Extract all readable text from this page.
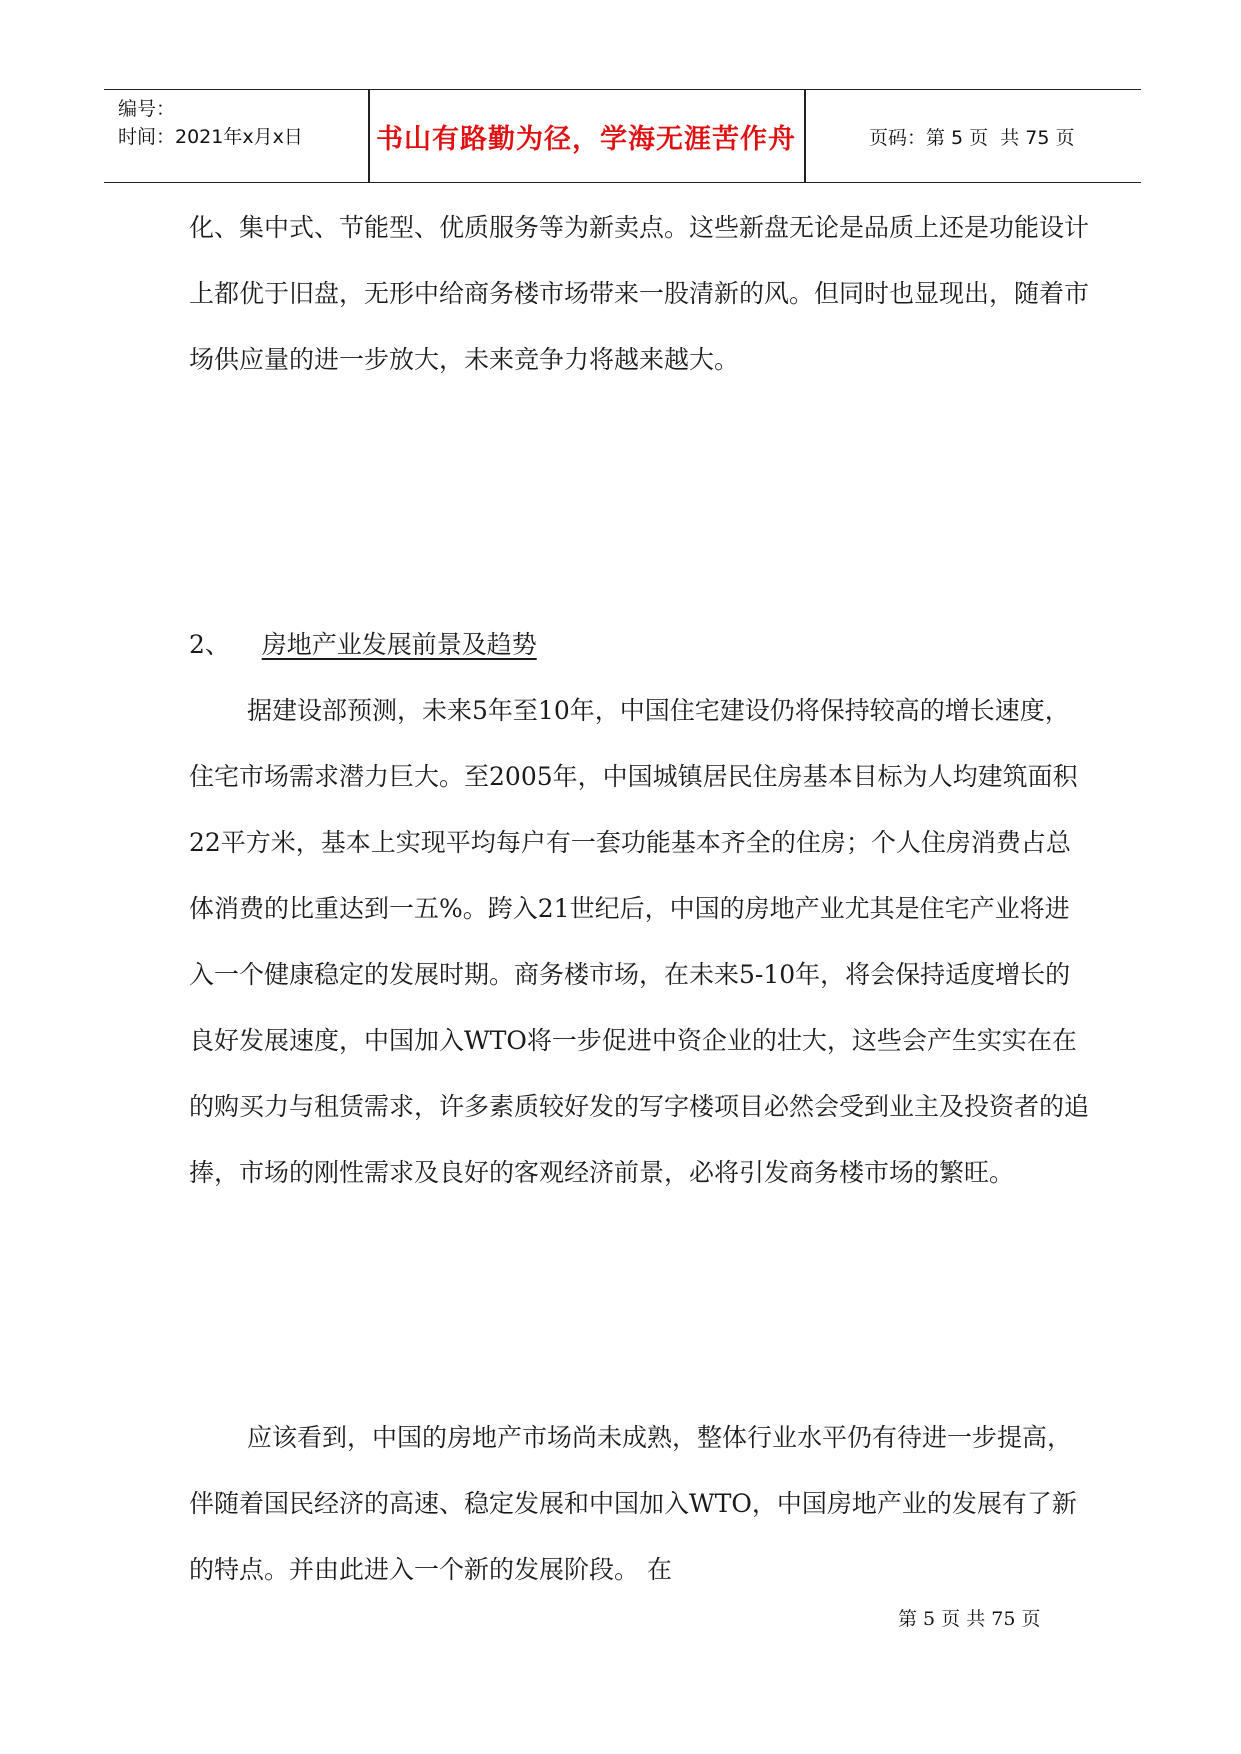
编号：
时间：2021年x月x日	书山有路勤为径，学海无涯苦作舟	页码：第 5 页  共 75 页

化、集中式、节能型、优质服务等为新卖点。这些新盘无论是品质上还是功能设计上都优于旧盘，无形中给商务楼市场带来一股清新的风。但同时也显现出，随着市场供应量的进一步放大，未来竞争力将越来越大。

2、 房地产业发展前景及趋势

据建设部预测，未来5年至10年，中国住宅建设仍将保持较高的增长速度，住宅市场需求潜力巨大。至2005年，中国城镇居民住房基本目标为人均建筑面积22平方米，基本上实现平均每户有一套功能基本齐全的住房；个人住房消费占总体消费的比重达到一五%。跨入21世纪后，中国的房地产业尤其是住宅产业将进入一个健康稳定的发展时期。商务楼市场，在未来5-10年，将会保持适度增长的良好发展速度，中国加入WTO将一步促进中资企业的壮大，这些会产生实实在在的购买力与租赁需求，许多素质较好发的写字楼项目必然会受到业主及投资者的追捧，市场的刚性需求及良好的客观经济前景，必将引发商务楼市场的繁旺。

应该看到，中国的房地产市场尚未成熟，整体行业水平仍有待进一步提高，伴随着国民经济的高速、稳定发展和中国加入WTO，中国房地产业的发展有了新的特点。并由此进入一个新的发展阶段。 在

第 5 页 共 75 页
